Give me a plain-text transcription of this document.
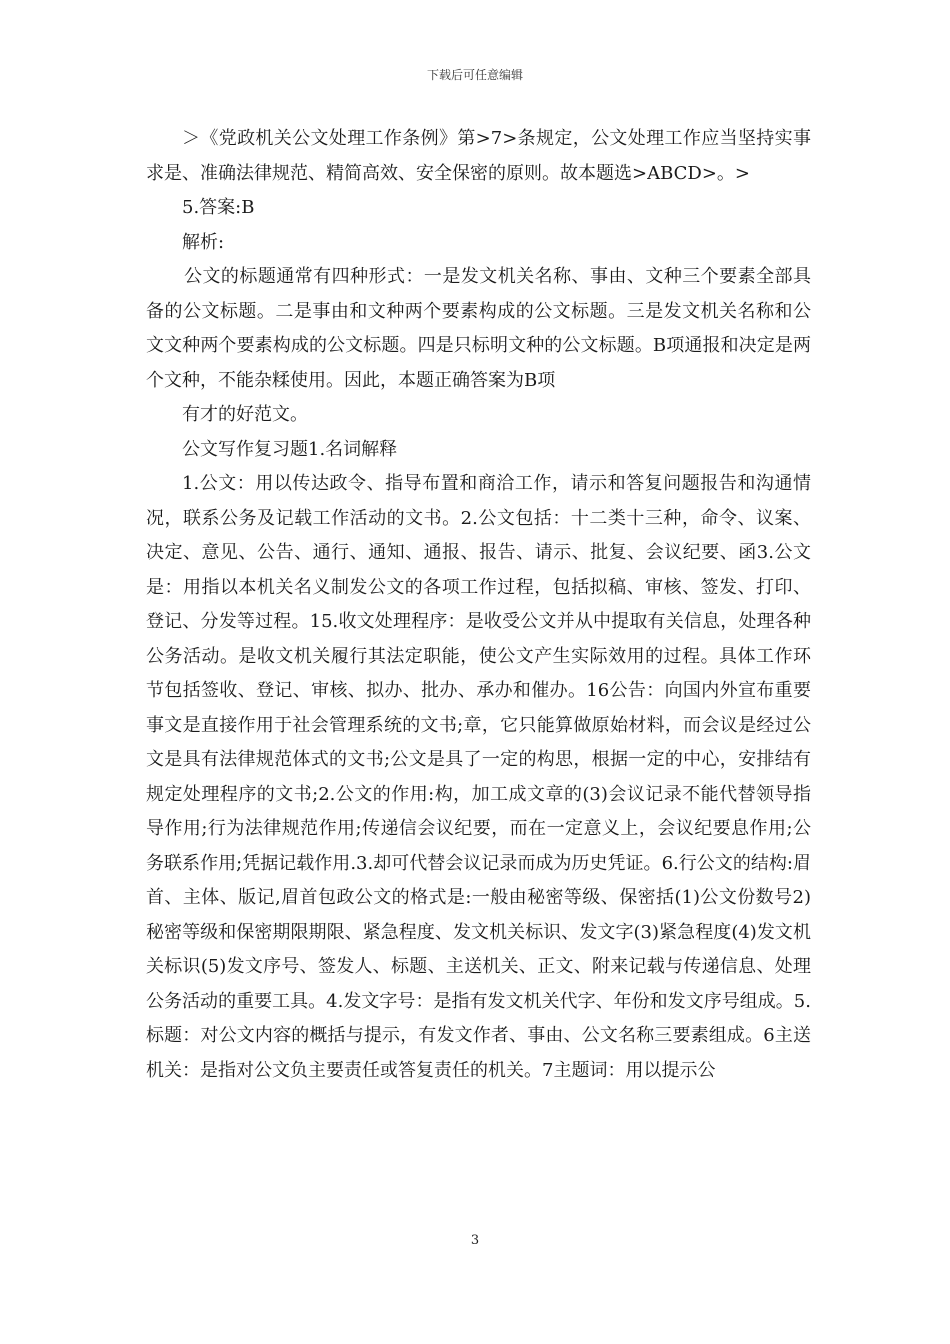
下载后可任意编辑

＞《党政机关公文处理工作条例》第>7>条规定，公文处理工作应当坚持实事求是、准确法律规范、精简高效、安全保密的原则。故本题选>ABCD>。>

5.答案:B

解析:

公文的标题通常有四种形式：一是发文机关名称、事由、文种三个要素全部具备的公文标题。二是事由和文种两个要素构成的公文标题。三是发文机关名称和公文文种两个要素构成的公文标题。四是只标明文种的公文标题。B项通报和决定是两个文种，不能杂糅使用。因此，本题正确答案为B项

有才的好范文。

公文写作复习题1.名词解释

1.公文：用以传达政令、指导布置和商洽工作，请示和答复问题报告和沟通情况，联系公务及记载工作活动的文书。2.公文包括：十二类十三种，命令、议案、决定、意见、公告、通行、通知、通报、报告、请示、批复、会议纪要、函3.公文是：用指以本机关名义制发公文的各项工作过程，包括拟稿、审核、签发、打印、登记、分发等过程。15.收文处理程序：是收受公文并从中提取有关信息，处理各种公务活动。是收文机关履行其法定职能，使公文产生实际效用的过程。具体工作环节包括签收、登记、审核、拟办、批办、承办和催办。16公告：向国内外宣布重要事文是直接作用于社会管理系统的文书;章，它只能算做原始材料，而会议是经过公文是具有法律规范体式的文书;公文是具了一定的构思，根据一定的中心，安排结有规定处理程序的文书;2.公文的作用:构，加工成文章的(3)会议记录不能代替领导指导作用;行为法律规范作用;传递信会议纪要，而在一定意义上，会议纪要息作用;公务联系作用;凭据记载作用.3.却可代替会议记录而成为历史凭证。6.行公文的结构:眉首、主体、版记,眉首包政公文的格式是:一般由秘密等级、保密括(1)公文份数号2)秘密等级和保密期限期限、紧急程度、发文机关标识、发文字(3)紧急程度(4)发文机关标识(5)发文序号、签发人、标题、主送机关、正文、附来记载与传递信息、处理公务活动的重要工具。4.发文字号：是指有发文机关代字、年份和发文序号组成。5.标题：对公文内容的概括与提示，有发文作者、事由、公文名称三要素组成。6主送机关：是指对公文负主要责任或答复责任的机关。7主题词：用以提示公

3
